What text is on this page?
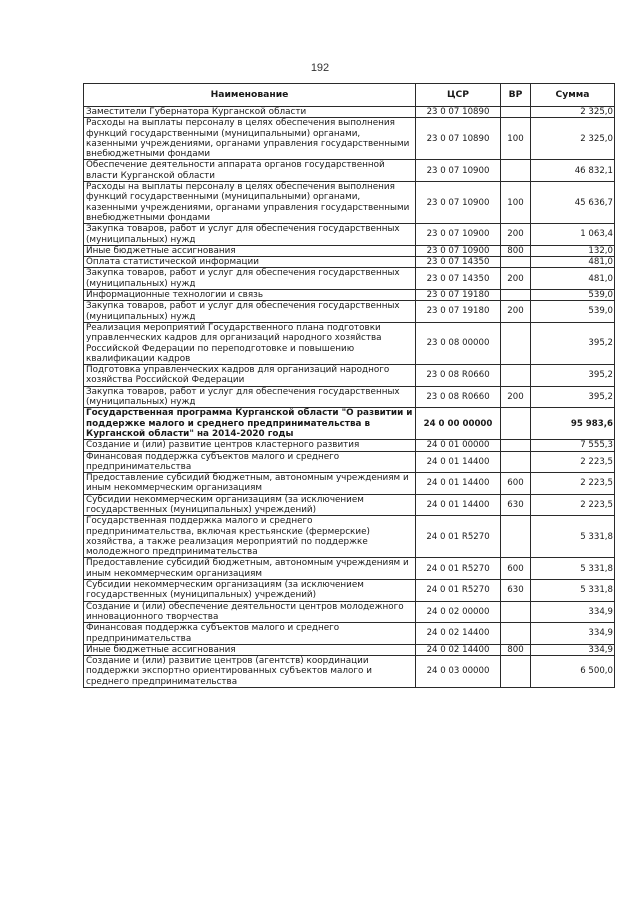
192
Наименование	ЦСР	ВР	Сумма
Заместители Губернатора Курганской области	23 0 07 10890		2 325,0
Расходы на выплаты персоналу в целях обеспечения выполнения функций государственными (муниципальными) органами, казенными учреждениями, органами управления государственными внебюджетными фондами	23 0 07 10890	100	2 325,0
Обеспечение деятельности аппарата органов государственной власти Курганской области	23 0 07 10900		46 832,1
Расходы на выплаты персоналу в целях обеспечения выполнения функций государственными (муниципальными) органами, казенными учреждениями, органами управления государственными внебюджетными фондами	23 0 07 10900	100	45 636,7
Закупка товаров, работ и услуг для обеспечения государственных (муниципальных) нужд	23 0 07 10900	200	1 063,4
Иные бюджетные ассигнования	23 0 07 10900	800	132,0
Оплата статистической информации	23 0 07 14350		481,0
Закупка товаров, работ и услуг для обеспечения государственных (муниципальных) нужд	23 0 07 14350	200	481,0
Информационные технологии и связь	23 0 07 19180		539,0
Закупка товаров, работ и услуг для обеспечения государственных (муниципальных) нужд	23 0 07 19180	200	539,0
Реализация мероприятий Государственного плана подготовки управленческих кадров для организаций народного хозяйства Российской Федерации по переподготовке и повышению квалификации кадров	23 0 08 00000		395,2
Подготовка управленческих кадров для организаций народного хозяйства Российской Федерации	23 0 08 R0660		395,2
Закупка товаров, работ и услуг для обеспечения государственных (муниципальных) нужд	23 0 08 R0660	200	395,2
Государственная программа Курганской области "О развитии и поддержке малого и среднего предпринимательства в Курганской области" на 2014-2020 годы	24 0 00 00000		95 983,6
Создание и (или) развитие центров кластерного развития	24 0 01 00000		7 555,3
Финансовая поддержка субъектов малого и среднего предпринимательства	24 0 01 14400		2 223,5
Предоставление субсидий бюджетным, автономным учреждениям и иным некоммерческим организациям	24 0 01 14400	600	2 223,5
Субсидии некоммерческим организациям (за исключением государственных (муниципальных) учреждений)	24 0 01 14400	630	2 223,5
Государственная поддержка малого и среднего предпринимательства, включая крестьянские (фермерские) хозяйства, а также реализация мероприятий по поддержке молодежного предпринимательства	24 0 01 R5270		5 331,8
Предоставление субсидий бюджетным, автономным учреждениям и иным некоммерческим организациям	24 0 01 R5270	600	5 331,8
Субсидии некоммерческим организациям (за исключением государственных (муниципальных) учреждений)	24 0 01 R5270	630	5 331,8
Создание и (или) обеспечение деятельности центров молодежного инновационного творчества	24 0 02 00000		334,9
Финансовая поддержка субъектов малого и среднего предпринимательства	24 0 02 14400		334,9
Иные бюджетные ассигнования	24 0 02 14400	800	334,9
Создание и (или) развитие центров (агентств) координации поддержки экспортно ориентированных субъектов малого и среднего предпринимательства	24 0 03 00000		6 500,0
